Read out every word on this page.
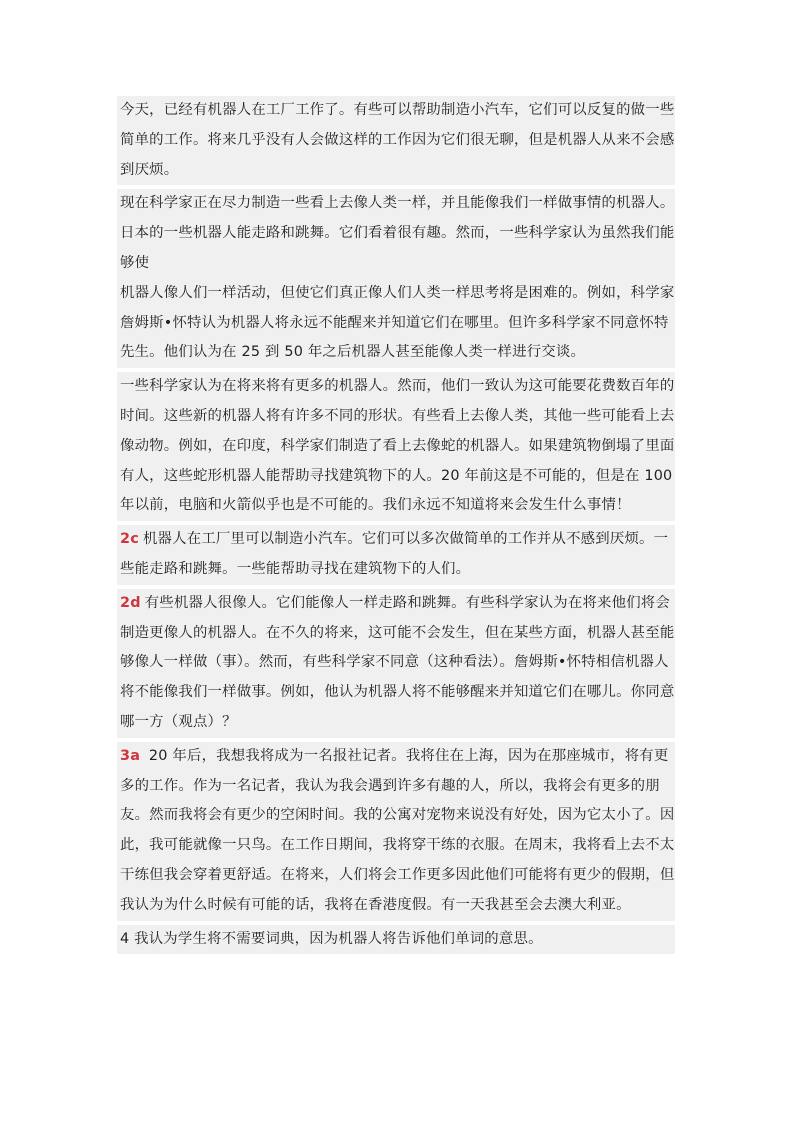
今天，已经有机器人在工厂工作了。有些可以帮助制造小汽车，它们可以反复的做一些简单的工作。将来几乎没有人会做这样的工作因为它们很无聊，但是机器人从来不会感到厌烦。

现在科学家正在尽力制造一些看上去像人类一样，并且能像我们一样做事情的机器人。日本的一些机器人能走路和跳舞。它们看着很有趣。然而，一些科学家认为虽然我们能够使

机器人像人们一样活动，但使它们真正像人们人类一样思考将是困难的。例如，科学家詹姆斯•怀特认为机器人将永远不能醒来并知道它们在哪里。但许多科学家不同意怀特先生。他们认为在 25 到 50 年之后机器人甚至能像人类一样进行交谈。

一些科学家认为在将来将有更多的机器人。然而，他们一致认为这可能要花费数百年的时间。这些新的机器人将有许多不同的形状。有些看上去像人类，其他一些可能看上去像动物。例如，在印度，科学家们制造了看上去像蛇的机器人。如果建筑物倒塌了里面有人，这些蛇形机器人能帮助寻找建筑物下的人。20 年前这是不可能的，但是在 100 年以前，电脑和火箭似乎也是不可能的。我们永远不知道将来会发生什么事情！

2c 机器人在工厂里可以制造小汽车。它们可以多次做简单的工作并从不感到厌烦。一些能走路和跳舞。一些能帮助寻找在建筑物下的人们。

2d 有些机器人很像人。它们能像人一样走路和跳舞。有些科学家认为在将来他们将会制造更像人的机器人。在不久的将来，这可能不会发生，但在某些方面，机器人甚至能够像人一样做（事）。然而，有些科学家不同意（这种看法）。詹姆斯•怀特相信机器人将不能像我们一样做事。例如，他认为机器人将不能够醒来并知道它们在哪儿。你同意哪一方（观点）？

3a 20 年后，我想我将成为一名报社记者。我将住在上海，因为在那座城市，将有更多的工作。作为一名记者，我认为我会遇到许多有趣的人，所以，我将会有更多的朋友。然而我将会有更少的空闲时间。我的公寓对宠物来说没有好处，因为它太小了。因此，我可能就像一只鸟。在工作日期间，我将穿干练的衣服。在周末，我将看上去不太干练但我会穿着更舒适。在将来，人们将会工作更多因此他们可能将有更少的假期，但我认为为什么时候有可能的话，我将在香港度假。有一天我甚至会去澳大利亚。

4 我认为学生将不需要词典，因为机器人将告诉他们单词的意思。
